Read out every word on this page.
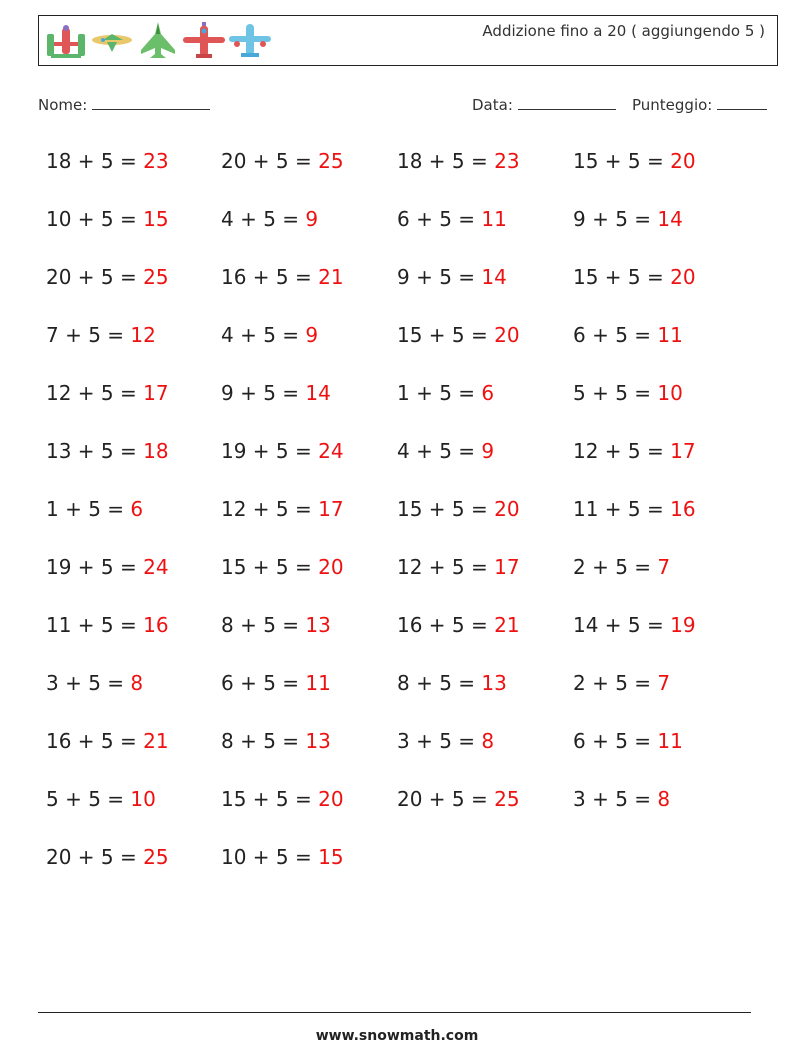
Addizione fino a 20 ( aggiungendo 5 )
Nome:	Data:	Punteggio:
18 + 5 = 23	20 + 5 = 25	18 + 5 = 23	15 + 5 = 20
10 + 5 = 15	4 + 5 = 9	6 + 5 = 11	9 + 5 = 14
20 + 5 = 25	16 + 5 = 21	9 + 5 = 14	15 + 5 = 20
7 + 5 = 12	4 + 5 = 9	15 + 5 = 20	6 + 5 = 11
12 + 5 = 17	9 + 5 = 14	1 + 5 = 6	5 + 5 = 10
13 + 5 = 18	19 + 5 = 24	4 + 5 = 9	12 + 5 = 17
1 + 5 = 6	12 + 5 = 17	15 + 5 = 20	11 + 5 = 16
19 + 5 = 24	15 + 5 = 20	12 + 5 = 17	2 + 5 = 7
11 + 5 = 16	8 + 5 = 13	16 + 5 = 21	14 + 5 = 19
3 + 5 = 8	6 + 5 = 11	8 + 5 = 13	2 + 5 = 7
16 + 5 = 21	8 + 5 = 13	3 + 5 = 8	6 + 5 = 11
5 + 5 = 10	15 + 5 = 20	20 + 5 = 25	3 + 5 = 8
20 + 5 = 25	10 + 5 = 15
www.snowmath.com
